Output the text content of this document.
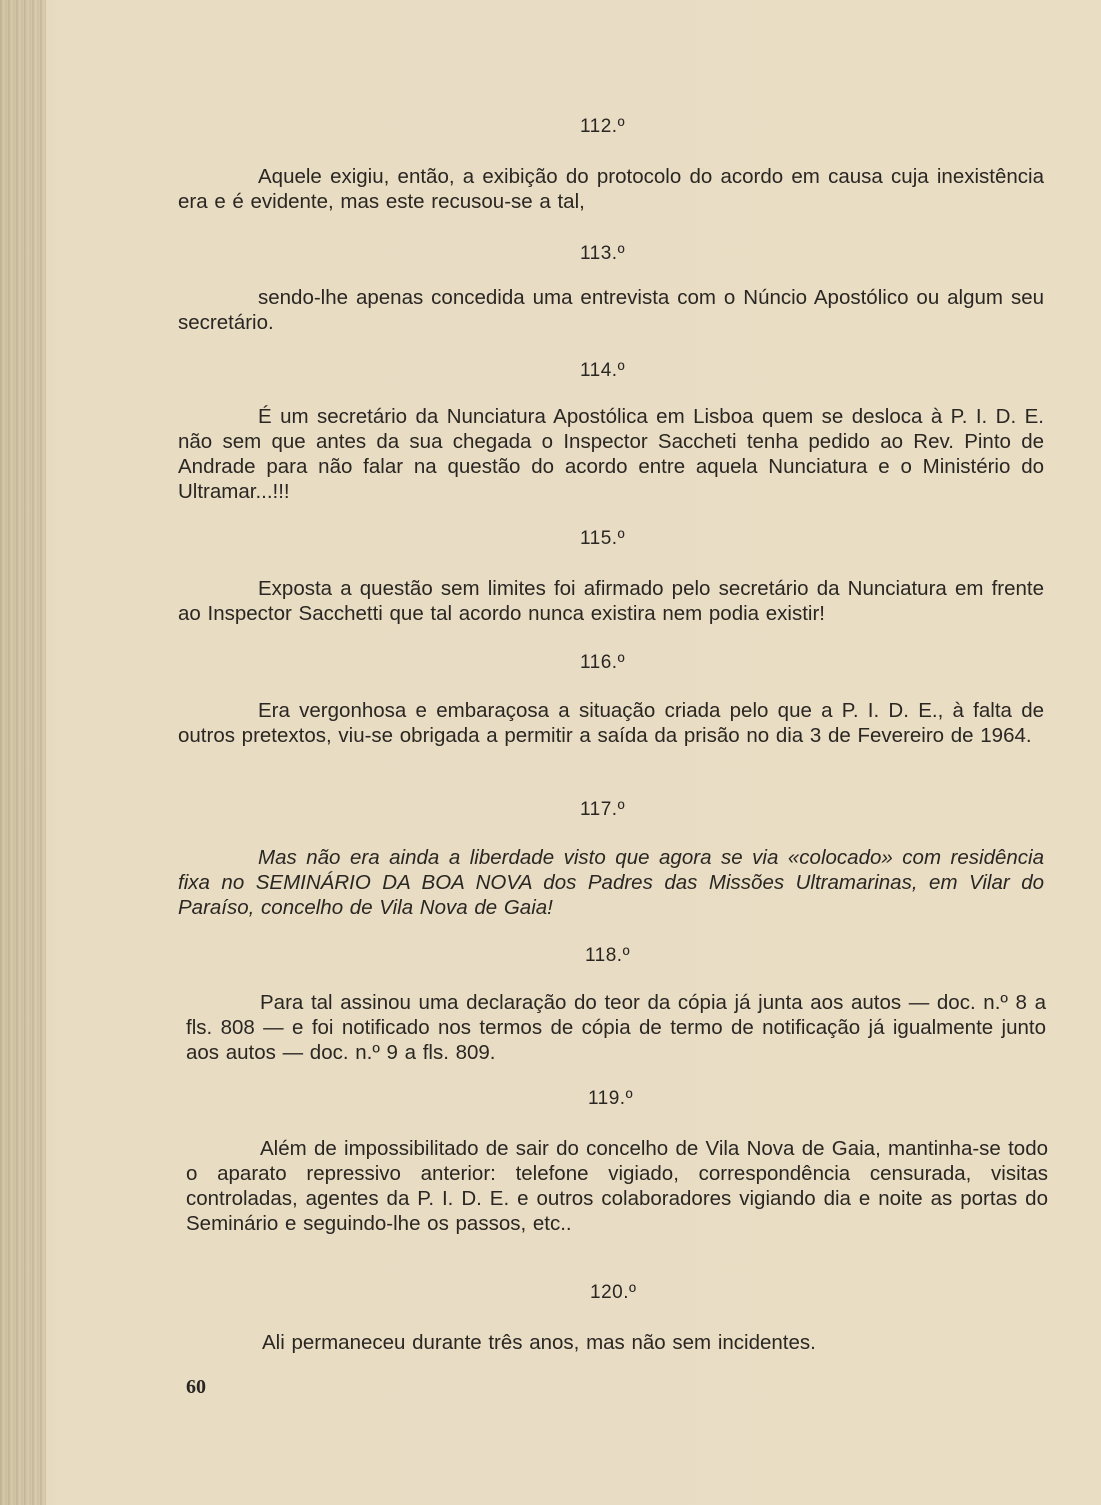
112.º
Aquele exigiu, então, a exibição do protocolo do acordo em causa cuja inexistência era e é evidente, mas este recusou-se a tal,
113.º
sendo-lhe apenas concedida uma entrevista com o Núncio Apostólico ou algum seu secretário.
114.º
É um secretário da Nunciatura Apostólica em Lisboa quem se desloca à P. I. D. E. não sem que antes da sua chegada o Inspector Saccheti tenha pedido ao Rev. Pinto de Andrade para não falar na questão do acordo entre aquela Nunciatura e o Ministério do Ultramar...!!!
115.º
Exposta a questão sem limites foi afirmado pelo secretário da Nunciatura em frente ao Inspector Sacchetti que tal acordo nunca existira nem podia existir!
116.º
Era vergonhosa e embaraçosa a situação criada pelo que a P. I. D. E., à falta de outros pretextos, viu-se obrigada a permitir a saída da prisão no dia 3 de Fevereiro de 1964.
117.º
Mas não era ainda a liberdade visto que agora se via «colocado» com residência fixa no SEMINÁRIO DA BOA NOVA dos Padres das Missões Ultramarinas, em Vilar do Paraíso, concelho de Vila Nova de Gaia!
118.º
Para tal assinou uma declaração do teor da cópia já junta aos autos — doc. n.º 8 a fls. 808 — e foi notificado nos termos de cópia de termo de notificação já igualmente junto aos autos — doc. n.º 9 a fls. 809.
119.º
Além de impossibilitado de sair do concelho de Vila Nova de Gaia, mantinha-se todo o aparato repressivo anterior: telefone vigiado, correspondência censurada, visitas controladas, agentes da P. I. D. E. e outros colaboradores vigiando dia e noite as portas do Seminário e seguindo-lhe os passos, etc..
120.º
Ali permaneceu durante três anos, mas não sem incidentes.
60
